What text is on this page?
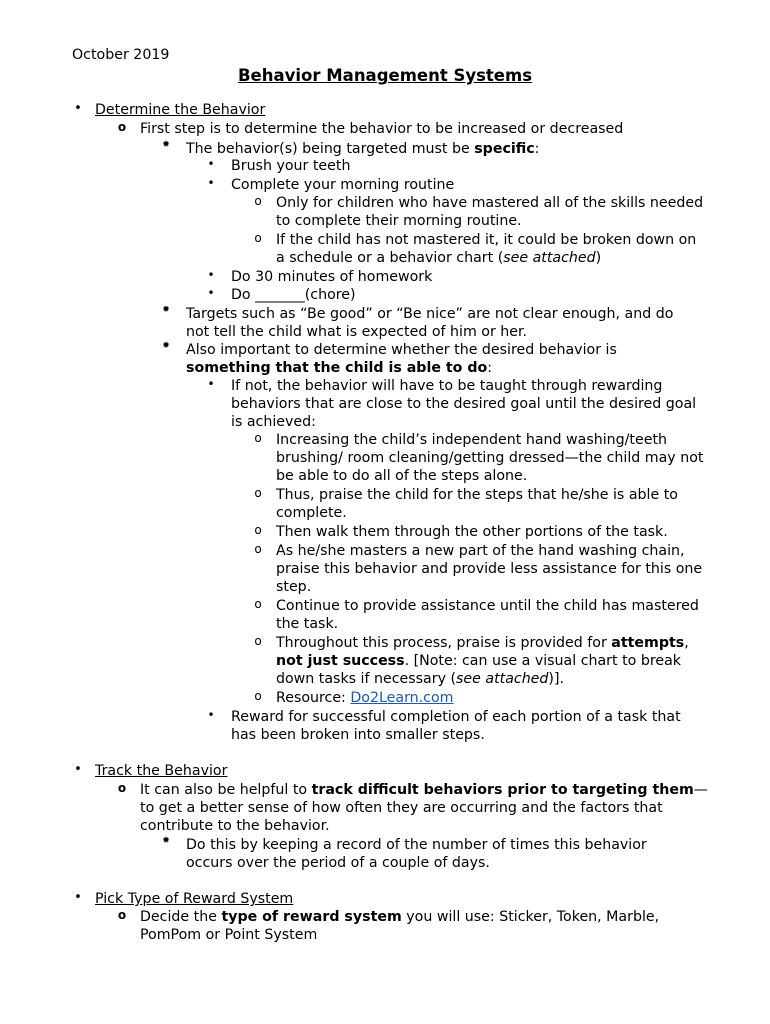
October 2019
Behavior Management Systems
• Determine the Behavior
o First step is to determine the behavior to be increased or decreased
✹	The behavior(s) being targeted must be specific:
•	Brush your teeth
•	Complete your morning routine
o	Only for children who have mastered all of the skills needed to complete their morning routine.
o	If the child has not mastered it, it could be broken down on a schedule or a behavior chart (see attached)
•	Do 30 minutes of homework
•	Do _______(chore)
✹	Targets such as “Be good” or “Be nice” are not clear enough, and do not tell the child what is expected of him or her.
✹	Also important to determine whether the desired behavior is something that the child is able to do:
•	If not, the behavior will have to be taught through rewarding behaviors that are close to the desired goal until the desired goal is achieved:
o	Increasing the child’s independent hand washing/teeth brushing/ room cleaning/getting dressed—the child may not be able to do all of the steps alone.
o	Thus, praise the child for the steps that he/she is able to complete.
o	Then walk them through the other portions of the task.
o	As he/she masters a new part of the hand washing chain, praise this behavior and provide less assistance for this one step.
o	Continue to provide assistance until the child has mastered the task.
o	Throughout this process, praise is provided for attempts, not just success. [Note: can use a visual chart to break down tasks if necessary (see attached)].
o	Resource: Do2Learn.com
•	Reward for successful completion of each portion of a task that has been broken into smaller steps.
• Track the Behavior
o It can also be helpful to track difficult behaviors prior to targeting them—to get a better sense of how often they are occurring and the factors that contribute to the behavior.
✹	Do this by keeping a record of the number of times this behavior occurs over the period of a couple of days.
• Pick Type of Reward System
o Decide the type of reward system you will use: Sticker, Token, Marble, PomPom or Point System
